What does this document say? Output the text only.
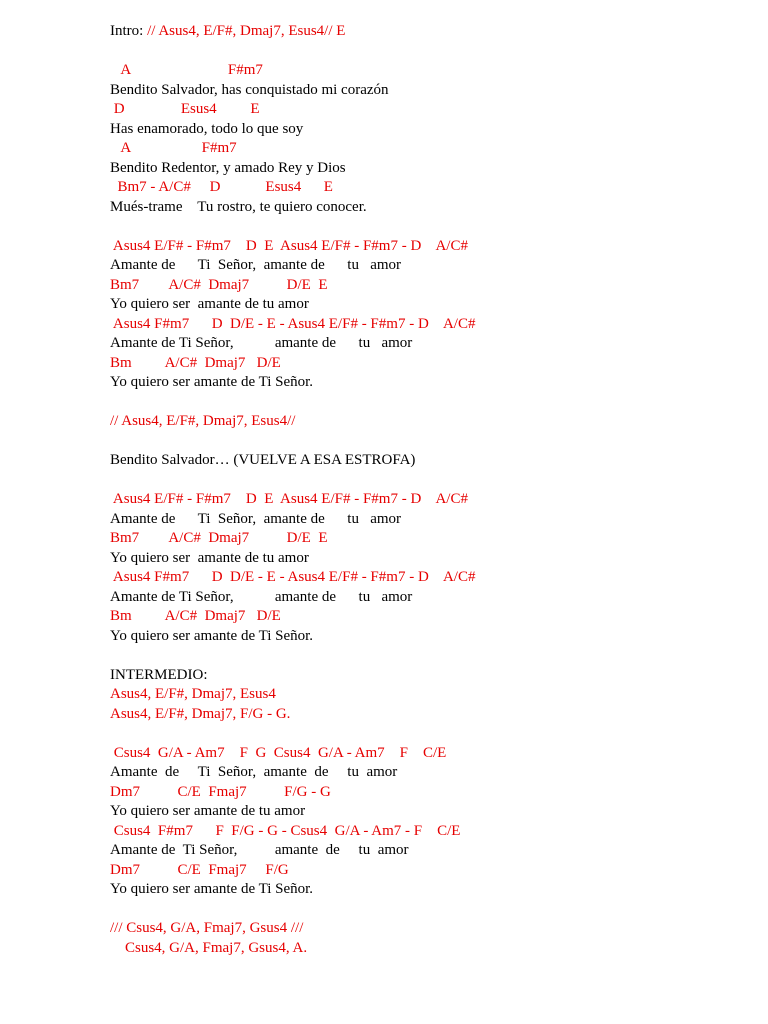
Intro: // Asus4, E/F#, Dmaj7, Esus4// E
A                          F#m7
Bendito Salvador, has conquistado mi corazón
D               Esus4         E
Has enamorado, todo lo que soy
A                   F#m7
Bendito Redentor, y amado Rey y Dios
Bm7 - A/C#     D            Esus4      E
Mués-trame    Tu rostro, te quiero conocer.
Asus4 E/F# - F#m7    D  E  Asus4 E/F# - F#m7 - D    A/C#
Amante de      Ti  Señor,  amante de      tu   amor
Bm7        A/C#  Dmaj7          D/E  E
Yo quiero ser  amante de tu amor
Asus4 F#m7      D  D/E - E - Asus4 E/F# - F#m7 - D    A/C#
Amante de Ti Señor,           amante de      tu   amor
Bm         A/C#  Dmaj7   D/E
Yo quiero ser amante de Ti Señor.
// Asus4, E/F#, Dmaj7, Esus4//
Bendito Salvador… (VUELVE A ESA ESTROFA)
Asus4 E/F# - F#m7    D  E  Asus4 E/F# - F#m7 - D    A/C#
Amante de      Ti  Señor,  amante de      tu   amor
Bm7        A/C#  Dmaj7          D/E  E
Yo quiero ser  amante de tu amor
Asus4 F#m7      D  D/E - E - Asus4 E/F# - F#m7 - D    A/C#
Amante de Ti Señor,           amante de      tu   amor
Bm         A/C#  Dmaj7   D/E
Yo quiero ser amante de Ti Señor.
INTERMEDIO:
Asus4, E/F#, Dmaj7, Esus4
Asus4, E/F#, Dmaj7, F/G - G.
Csus4  G/A - Am7    F  G  Csus4  G/A - Am7    F    C/E
Amante  de     Ti  Señor,  amante  de     tu  amor
Dm7          C/E  Fmaj7          F/G - G
Yo quiero ser amante de tu amor
Csus4  F#m7      F  F/G - G - Csus4  G/A - Am7 - F    C/E
Amante de  Ti Señor,          amante  de     tu  amor
Dm7          C/E  Fmaj7     F/G
Yo quiero ser amante de Ti Señor.
/// Csus4, G/A, Fmaj7, Gsus4 ///
Csus4, G/A, Fmaj7, Gsus4, A.
